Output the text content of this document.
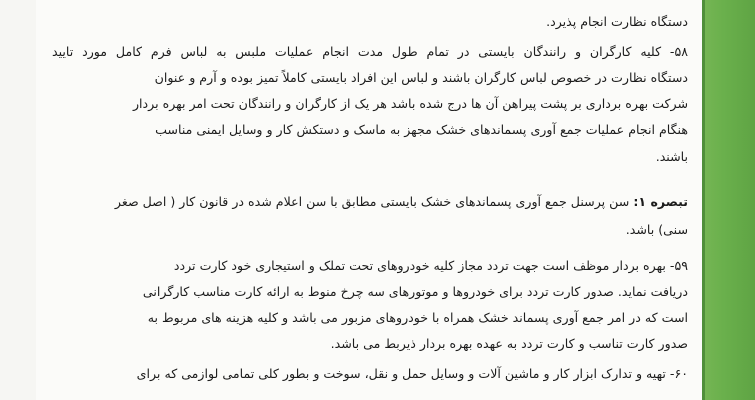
دستگاه نظارت انجام پذیرد.
۵۸- کلیه کارگران و رانندگان بایستی در تمام طول مدت انجام عملیات ملبس به لباس فرم کامل مورد تایید
دستگاه نظارت در خصوص لباس کارگران باشند و لباس این افراد بایستی کاملاً تمیز بوده و آرم و عنوان
شرکت بهره برداری بر پشت پیراهن آن ها درج شده باشد هر یک از کارگران و رانندگان تحت امر بهره بردار
هنگام انجام عملیات جمع آوری پسماندهای خشک مجهز به ماسک و دستکش کار و وسایل ایمنی مناسب
باشند.
تبصره ۱: سن پرسنل جمع آوری پسماندهای خشک بایستی مطابق با سن اعلام شده در قانون کار ( اصل صغر
سنی) باشد.
۵۹- بهره بردار موظف است جهت تردد مجاز کلیه خودروهای تحت تملک و استیجاری خود کارت تردد
دریافت نماید. صدور کارت تردد برای خودروها و موتورهای سه چرخ منوط به ارائه کارت مناسب کارگرانی
است که در امر جمع آوری پسماند خشک همراه با خودروهای مزبور می باشد و کلیه هزینه های مربوط به
صدور کارت تناسب و کارت تردد به عهده بهره بردار ذیربط می باشد.
۶۰- تهیه و تدارک ابزار کار و ماشین آلات و وسایل حمل و نقل، سوخت و بطور کلی تمامی لوازمی که برای
